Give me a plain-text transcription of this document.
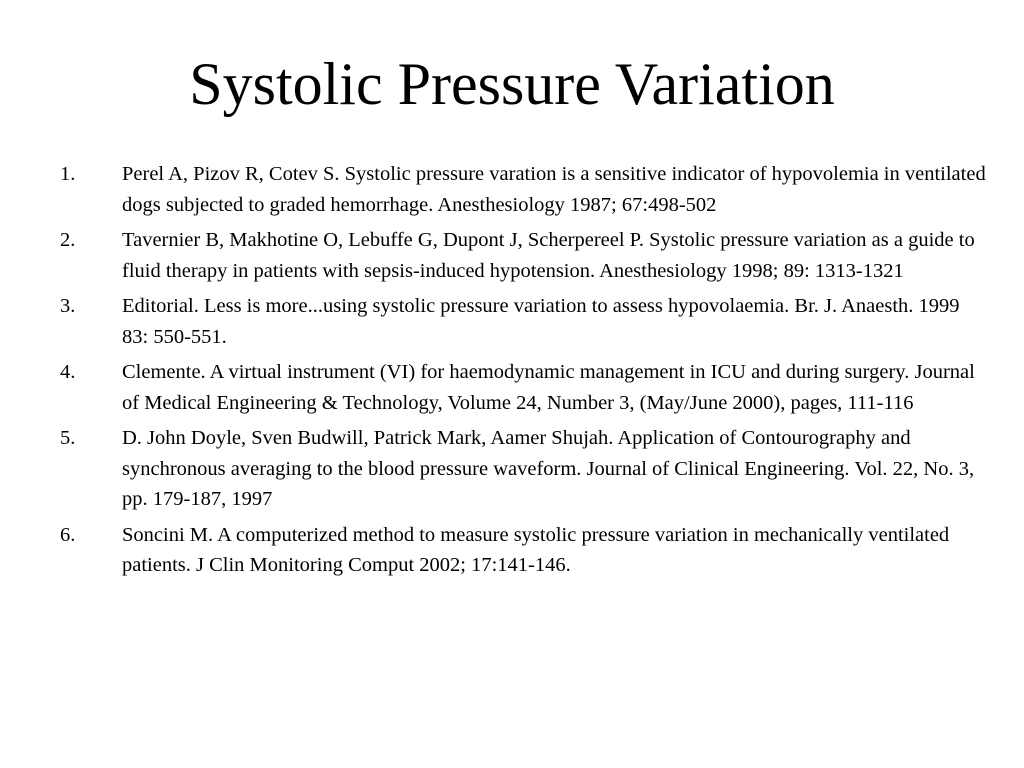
Systolic Pressure Variation
1. Perel A, Pizov R, Cotev S. Systolic pressure varation is a sensitive indicator of hypovolemia in ventilated dogs subjected to graded hemorrhage. Anesthesiology 1987; 67:498-502
2. Tavernier B, Makhotine O, Lebuffe G, Dupont J, Scherpereel P. Systolic pressure variation as a guide to fluid therapy in patients with sepsis-induced hypotension. Anesthesiology 1998; 89: 1313-1321
3. Editorial. Less is more...using systolic pressure variation to assess hypovolaemia. Br. J. Anaesth. 1999 83: 550-551.
4. Clemente. A virtual instrument (VI) for haemodynamic management in ICU and during surgery. Journal of Medical Engineering & Technology, Volume 24, Number 3, (May/June 2000), pages, 111-116
5. D. John Doyle, Sven Budwill, Patrick Mark, Aamer Shujah. Application of Contourography and synchronous averaging to the blood pressure waveform. Journal of Clinical Engineering. Vol. 22, No. 3, pp. 179-187, 1997
6. Soncini M. A computerized method to measure systolic pressure variation in mechanically ventilated patients. J Clin Monitoring Comput 2002; 17:141-146.
